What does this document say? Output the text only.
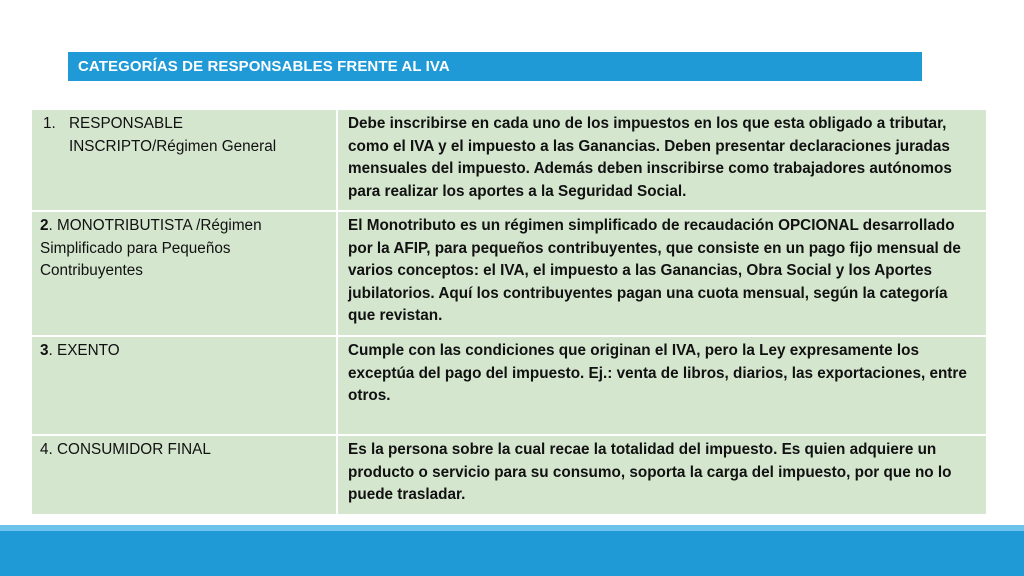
CATEGORÍAS DE RESPONSABLES FRENTE AL IVA
1. RESPONSABLE INSCRIPTO/Régimen General	Debe inscribirse en cada uno de los impuestos en los que esta obligado a tributar, como el IVA y el impuesto a las Ganancias. Deben presentar declaraciones juradas mensuales del impuesto. Además deben inscribirse como trabajadores autónomos para realizar los aportes a la Seguridad Social.
2. MONOTRIBUTISTA /Régimen Simplificado para Pequeños Contribuyentes	El Monotributo es un régimen simplificado de recaudación OPCIONAL desarrollado por la AFIP, para pequeños contribuyentes, que consiste en un pago fijo mensual de varios conceptos: el IVA, el impuesto a las Ganancias, Obra Social y los Aportes jubilatorios. Aquí los contribuyentes pagan una cuota mensual, según la categoría que revistan.
3. EXENTO	Cumple con las condiciones que originan el IVA, pero la Ley expresamente los exceptúa del pago del impuesto. Ej.: venta de libros, diarios, las exportaciones, entre otros.
4. CONSUMIDOR FINAL	Es la persona sobre la cual recae la totalidad del impuesto. Es quien adquiere un producto o servicio para su consumo, soporta la carga del impuesto, por que no lo puede trasladar.
